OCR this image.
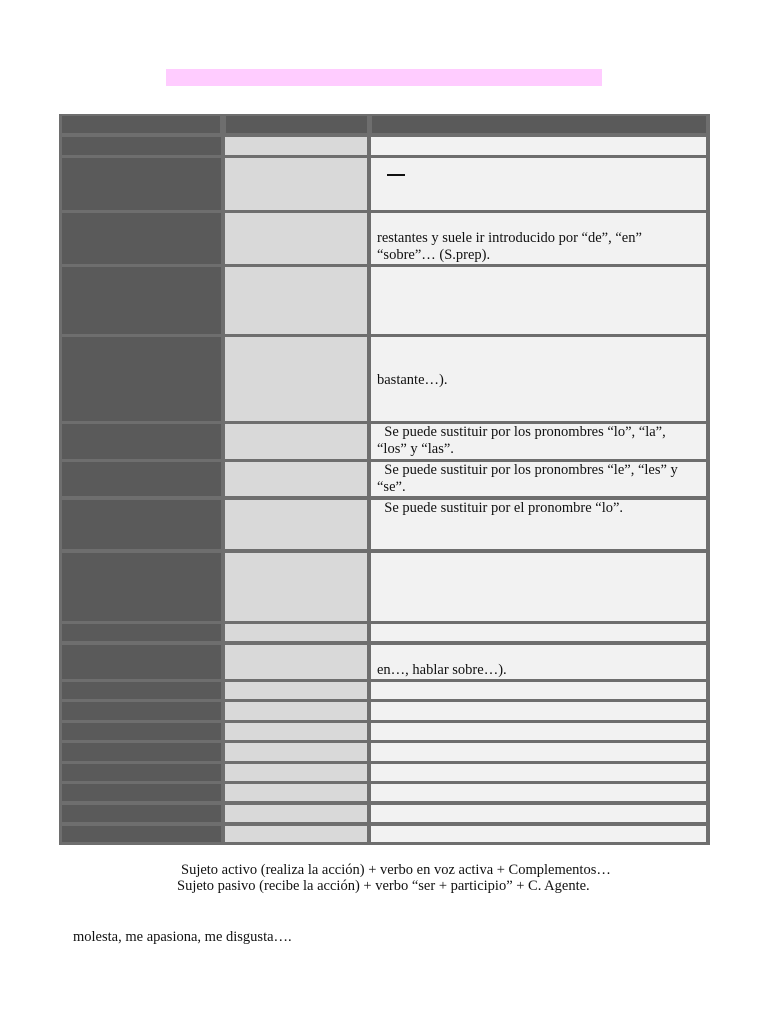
restantes y suele ir introducido por “de”, “en”
“sobre”… (S.prep).
bastante…).
Se puede sustituir por los pronombres “lo”, “la”,
“los” y “las”.
Se puede sustituir por los pronombres “le”, “les” y
“se”.
Se puede sustituir por el pronombre “lo”.
en…, hablar sobre…).
Sujeto activo (realiza la acción) + verbo en voz activa + Complementos…
Sujeto pasivo (recibe la acción) + verbo “ser + participio” + C. Agente.
molesta, me apasiona, me disgusta….
